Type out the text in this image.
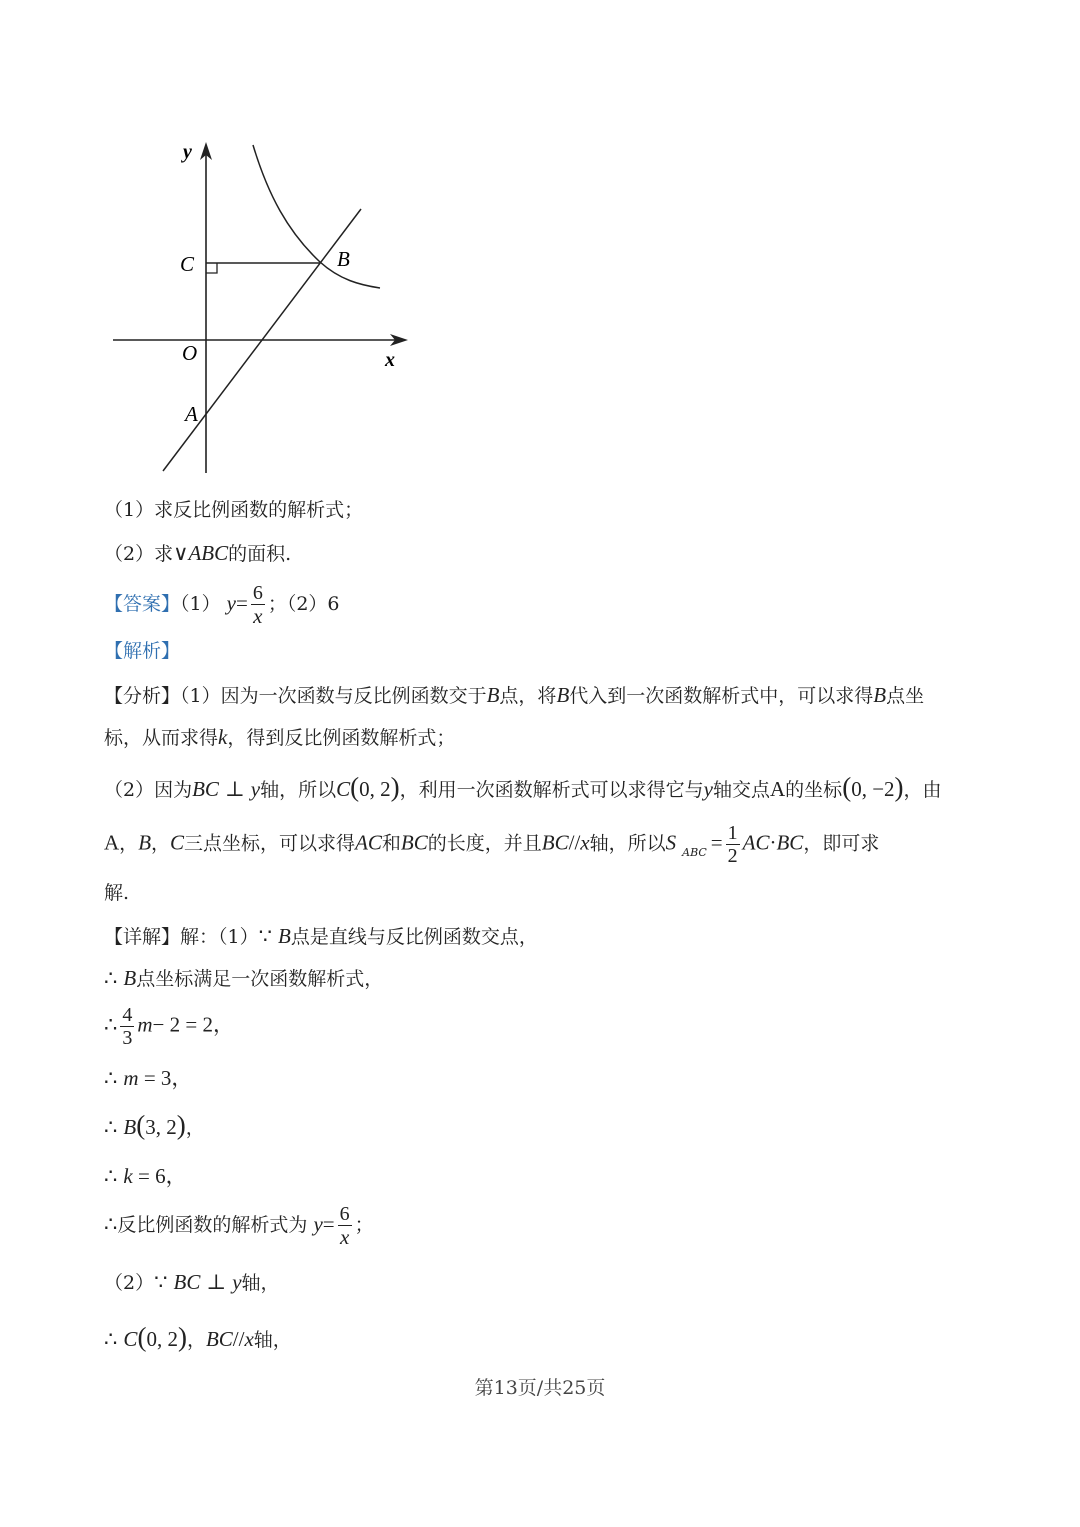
y
x
C	B
O
A
（1）求反比例函数的解析式；
（2）求∨ABC的面积.
【答案】（1） $y= \frac{6}{x}$ ；（2）6
【解析】
【分析】（1）因为一次函数与反比例函数交于B点，将B代入到一次函数解析式中，可以求得B点坐
标，从而求得k，得到反比例函数解析式；
（2）因为BC ⊥ y轴，所以C(0, 2)，利用一次函数解析式可以求得它与y轴交点A的坐标(0, −2)，由
A，B，C三点坐标，可以求得AC和BC的长度，并且BC//x轴，所以S $_{ABC} = \frac{1}{2} AC\cdot BC$，即可求
解.
【详解】解：（1）∵ B点是直线与反比例函数交点，
∴ B点坐标满足一次函数解析式，
∴ $\frac{4}{3} m- 2 = 2$，
∴ m = 3，
∴ B(3, 2)，
∴ k = 6，
∴反比例函数的解析式为 $y= \frac{6}{x}$ ；
（2）∵ BC ⊥ y轴，
∴ C(0, 2)，BC//x轴，
第13页/共25页
